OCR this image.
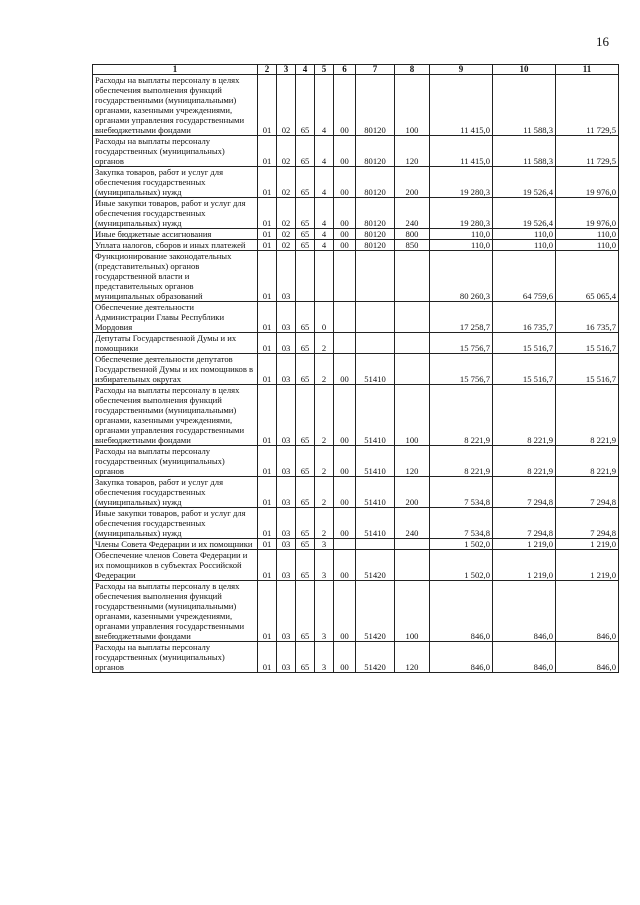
16
1	2	3	4	5	6	7	8	9	10	11
Расходы на выплаты персоналу в целях обеспечения выполнения функций государственными (муниципальными) органами, казенными учреждениями, органами управления государственными внебюджетными фондами	01	02	65	4	00	80120	100	11 415,0	11 588,3	11 729,5
Расходы на выплаты персоналу государственных (муниципальных) органов	01	02	65	4	00	80120	120	11 415,0	11 588,3	11 729,5
Закупка товаров, работ и услуг для обеспечения государственных (муниципальных) нужд	01	02	65	4	00	80120	200	19 280,3	19 526,4	19 976,0
Иные закупки товаров, работ и услуг для обеспечения государственных (муниципальных) нужд	01	02	65	4	00	80120	240	19 280,3	19 526,4	19 976,0
Иные бюджетные ассигнования	01	02	65	4	00	80120	800	110,0	110,0	110,0
Уплата налогов, сборов и иных платежей	01	02	65	4	00	80120	850	110,0	110,0	110,0
Функционирование законодательных (представительных) органов государственной власти и представительных органов муниципальных образований	01	03						80 260,3	64 759,6	65 065,4
Обеспечение деятельности Администрации Главы Республики Мордовия	01	03	65	0				17 258,7	16 735,7	16 735,7
Депутаты Государственной Думы и их помощники	01	03	65	2				15 756,7	15 516,7	15 516,7
Обеспечение деятельности депутатов Государственной Думы и их помощников в избирательных округах	01	03	65	2	00	51410		15 756,7	15 516,7	15 516,7
Расходы на выплаты персоналу в целях обеспечения выполнения функций государственными (муниципальными) органами, казенными учреждениями, органами управления государственными внебюджетными фондами	01	03	65	2	00	51410	100	8 221,9	8 221,9	8 221,9
Расходы на выплаты персоналу государственных (муниципальных) органов	01	03	65	2	00	51410	120	8 221,9	8 221,9	8 221,9
Закупка товаров, работ и услуг для обеспечения государственных (муниципальных) нужд	01	03	65	2	00	51410	200	7 534,8	7 294,8	7 294,8
Иные закупки товаров, работ и услуг для обеспечения государственных (муниципальных) нужд	01	03	65	2	00	51410	240	7 534,8	7 294,8	7 294,8
Члены Совета Федерации и их помощники	01	03	65	3				1 502,0	1 219,0	1 219,0
Обеспечение членов Совета Федерации и их помощников в субъектах Российской Федерации	01	03	65	3	00	51420		1 502,0	1 219,0	1 219,0
Расходы на выплаты персоналу в целях обеспечения выполнения функций государственными (муниципальными) органами, казенными учреждениями, органами управления государственными внебюджетными фондами	01	03	65	3	00	51420	100	846,0	846,0	846,0
Расходы на выплаты персоналу государственных (муниципальных) органов	01	03	65	3	00	51420	120	846,0	846,0	846,0
